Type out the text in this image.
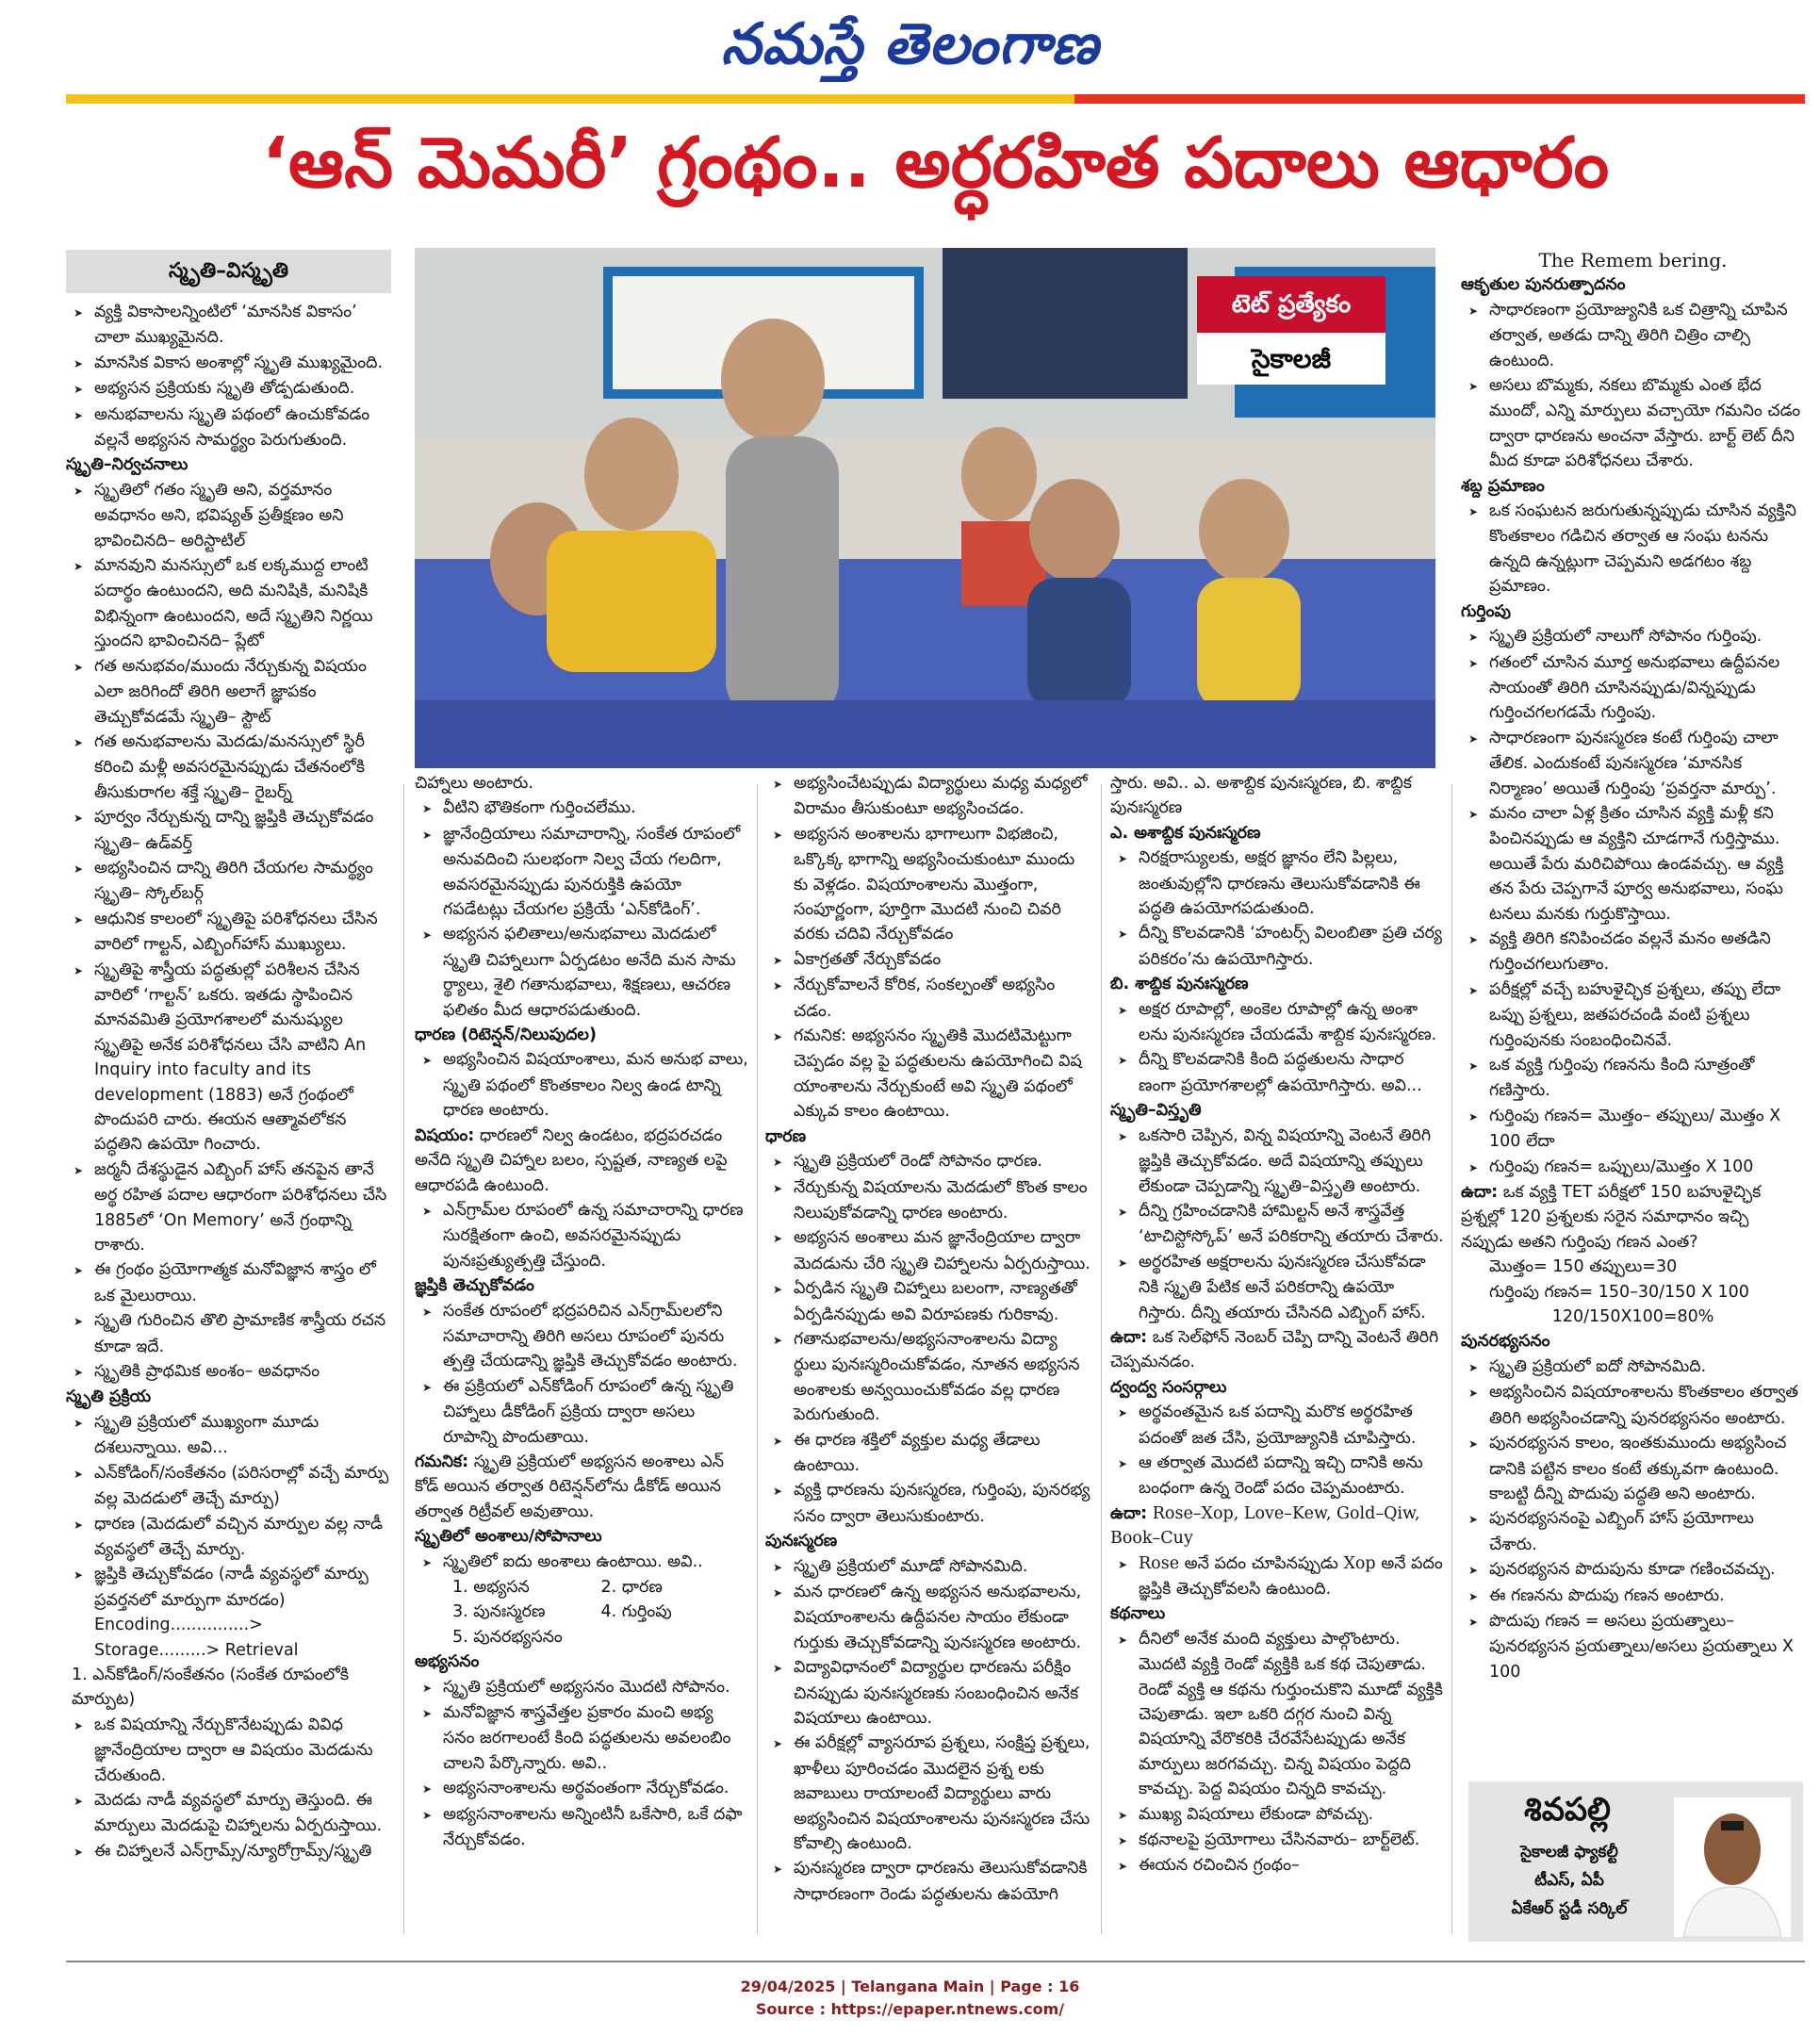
నమస్తే తెలంగాణ
‘ఆన్ మెమరీ’ గ్రంథం.. అర్ధరహిత పదాలు ఆధారం
స్మృతి–విస్మృతి
టెట్ ప్రత్యేకం
సైకాలజీ

➤ వ్యక్తి వికాసాలన్నింటిలో ‘మానసిక వికాసం’ చాలా ముఖ్యమైనది.

➤ మానసిక వికాస అంశాల్లో స్మృతి ముఖ్యమైంది.

➤ అభ్యసన ప్రక్రియకు స్మృతి తోడ్పడుతుంది.

➤ అనుభవాలను స్మృతి పథంలో ఉంచుకోవడం వల్లనే అభ్యసన సామర్థ్యం పెరుగుతుంది.

స్మృతి–నిర్వచనాలు

➤ స్మృతిలో గతం స్మృతి అని, వర్తమానం అవధానం అని, భవిష్యత్ ప్రతీక్షణం అని భావించినది– అరిస్టాటిల్

➤ మానవుని మనస్సులో ఒక లక్కముద్ద లాంటి పదార్థం ఉంటుందని, అది మనిషికి, మనిషికి విభిన్నంగా ఉంటుందని, అదే స్మృతిని నిర్ణయి స్తుందని భావించినది– ప్లేటో

➤ గత అనుభవం/ముందు నేర్చుకున్న విషయం ఎలా జరిగిందో తిరిగి అలాగే జ్ఞాపకం తెచ్చుకోవడమే స్మృతి– స్టౌట్

➤ గత అనుభవాలను మెదడు/మనస్సులో స్థిరీ కరించి మళ్లీ అవసరమైనప్పుడు చేతనంలోకి తీసుకురాగల శక్తే స్మృతి– రైబర్న్

➤ పూర్వం నేర్చుకున్న దాన్ని జ్ఞప్తికి తెచ్చుకోవడం స్మృతి– ఉడ్‌వర్త్

➤ అభ్యసించిన దాన్ని తిరిగి చేయగల సామర్థ్యం స్మృతి– స్కోల్‌బర్గ్

➤ ఆధునిక కాలంలో స్మృతిపై పరిశోధనలు చేసిన వారిలో గాల్టన్, ఎబ్బింగ్‌హాస్ ముఖ్యులు.

➤ స్మృతిపై శాస్త్రీయ పద్ధతుల్లో పరిశీలన చేసిన వారిలో ‘గాల్టన్’ ఒకరు. ఇతడు స్థాపించిన మానవమితి ప్రయోగశాలలో మనుష్యుల స్మృతిపై అనేక పరిశోధనలు చేసి వాటిని An Inquiry into faculty and its development (1883) అనే గ్రంథంలో పొందుపరి చారు. ఈయన ఆత్మావలోకన పద్ధతిని ఉపయో గించారు.

➤ జర్మనీ దేశస్థుడైన ఎబ్బింగ్ హాస్ తనపైన తానే అర్థ రహిత పదాల ఆధారంగా పరిశోధనలు చేసి 1885లో ‘On Memory’ అనే గ్రంథాన్ని రాశారు.

➤ ఈ గ్రంథం ప్రయోగాత్మక మనోవిజ్ఞాన శాస్త్రం లో ఒక మైలురాయి.

➤ స్మృతి గురించిన తొలి ప్రామాణిక శాస్త్రీయ రచన కూడా ఇదే.

➤ స్మృతికి ప్రాథమిక అంశం– అవధానం

స్మృతి ప్రక్రియ

➤ స్మృతి ప్రక్రియలో ముఖ్యంగా మూడు దశలున్నాయి. అవి...

➤ ఎన్‌కోడింగ్/సంకేతనం (పరిసరాల్లో వచ్చే మార్పు వల్ల మెదడులో తెచ్చే మార్పు)

➤ ధారణ (మెదడులో వచ్చిన మార్పుల వల్ల నాడీ వ్యవస్థలో తెచ్చే మార్పు.

➤ జ్ఞప్తికి తెచ్చుకోవడం (నాడీ వ్యవస్థలో మార్పు ప్రవర్తనలో మార్పుగా మారడం)

Encoding...............> Storage.........> Retrieval

1. ఎన్‌కోడింగ్/సంకేతనం (సంకేత రూపంలోకి మార్పుట)

➤ ఒక విషయాన్ని నేర్చుకొనేటప్పుడు వివిధ జ్ఞానేంద్రియాల ద్వారా ఆ విషయం మెదడును చేరుతుంది.

➤ మెదడు నాడీ వ్యవస్థలో మార్పు తెస్తుంది. ఈ మార్పులు మెదడుపై చిహ్నాలను ఏర్పరుస్తాయి.

➤ ఈ చిహ్నాలనే ఎన్‌గ్రామ్స్/న్యూరోగ్రామ్స్/స్మృతి

చిహ్నాలు అంటారు.

➤ వీటిని భౌతికంగా గుర్తించలేము.

➤ జ్ఞానేంద్రియాలు సమాచారాన్ని, సంకేత రూపంలో అనువదించి సులభంగా నిల్వ చేయ గలదిగా, అవసరమైనప్పుడు పునరుక్తికి ఉపయో గపడేటట్లు చేయగల ప్రక్రియే ‘ఎన్‌కోడింగ్’.

➤ అభ్యసన ఫలితాలు/అనుభవాలు మెదడులో స్మృతి చిహ్నాలుగా ఏర్పడటం అనేది మన సామ ర్థ్యాలు, శైలి గతానుభవాలు, శిక్షణలు, ఆచరణ ఫలితం మీద ఆధారపడుతుంది.

ధారణ (రిటెన్షన్/నిలుపుదల)

➤ అభ్యసించిన విషయాంశాలు, మన అనుభ వాలు, స్మృతి పథంలో కొంతకాలం నిల్వ ఉండ టాన్ని ధారణ అంటారు.

విషయం: ధారణలో నిల్వ ఉండటం, భద్రపరచడం అనేది స్మృతి చిహ్నాల బలం, స్పష్టత, నాణ్యత లపై ఆధారపడి ఉంటుంది.

➤ ఎన్‌గ్రామ్‌ల రూపంలో ఉన్న సమాచారాన్ని ధారణ సురక్షితంగా ఉంచి, అవసరమైనప్పుడు పునఃప్రత్యుత్పత్తి చేస్తుంది.

జ్ఞప్తికి తెచ్చుకోవడం

➤ సంకేత రూపంలో భద్రపరిచిన ఎన్‌గ్రామ్‌లలోని సమాచారాన్ని తిరిగి అసలు రూపంలో పునరు త్పత్తి చేయడాన్ని జ్ఞప్తికి తెచ్చుకోవడం అంటారు.

➤ ఈ ప్రక్రియలో ఎన్‌కోడింగ్ రూపంలో ఉన్న స్మృతి చిహ్నాలు డీకోడింగ్ ప్రక్రియ ద్వారా అసలు రూపాన్ని పొందుతాయి.

గమనిక: స్మృతి ప్రక్రియలో అభ్యసన అంశాలు ఎన్ కోడ్ అయిన తర్వాత రిటెన్షన్‌లోను డీకోడ్ అయిన తర్వాత రిట్రీవల్ అవుతాయి.

స్మృతిలో అంశాలు/సోపానాలు

➤ స్మృతిలో ఐదు అంశాలు ఉంటాయి. అవి..

1. అభ్యసన	2. ధారణ
3. పునఃస్మరణ	4. గుర్తింపు
5. పునరభ్యసనం

అభ్యసనం

➤ స్మృతి ప్రక్రియలో అభ్యసనం మొదటి సోపానం.

➤ మనోవిజ్ఞాన శాస్త్రవేత్తల ప్రకారం మంచి అభ్య సనం జరగాలంటే కింది పద్ధతులను అవలంబిం చాలని పేర్కొన్నారు. అవి..

➤ అభ్యసనాంశాలను అర్థవంతంగా నేర్చుకోవడం.

➤ అభ్యసనాంశాలను అన్నింటినీ ఒకేసారి, ఒకే దఫా నేర్చుకోవడం.

➤ అభ్యసించేటప్పుడు విద్యార్థులు మధ్య మధ్యలో విరామం తీసుకుంటూ అభ్యసించడం.

➤ అభ్యసన అంశాలను భాగాలుగా విభజించి, ఒక్కొక్క భాగాన్ని అభ్యసించుకుంటూ ముందు కు వెళ్లడం. విషయాంశాలను మొత్తంగా, సంపూర్ణంగా, పూర్తిగా మొదటి నుంచి చివరి వరకు చదివి నేర్చుకోవడం

➤ ఏకాగ్రతతో నేర్చుకోవడం

➤ నేర్చుకోవాలనే కోరిక, సంకల్పంతో అభ్యసిం చడం.

➤ గమనిక: అభ్యసనం స్మృతికి మొదటిమెట్టుగా చెప్పడం వల్ల పై పద్ధతులను ఉపయోగించి విష యాంశాలను నేర్చుకుంటే అవి స్మృతి పథంలో ఎక్కువ కాలం ఉంటాయి.

ధారణ

➤ స్మృతి ప్రక్రియలో రెండో సోపానం ధారణ.

➤ నేర్చుకున్న విషయాలను మెదడులో కొంత కాలం నిలుపుకోవడాన్ని ధారణ అంటారు.

➤ అభ్యసన అంశాలు మన జ్ఞానేంద్రియాల ద్వారా మెదడును చేరి స్మృతి చిహ్నాలను ఏర్పరుస్తాయి.

➤ ఏర్పడిన స్మృతి చిహ్నాలు బలంగా, నాణ్యతతో ఏర్పడినప్పుడు అవి విరూపణకు గురికావు.

➤ గతానుభవాలను/అభ్యసనాంశాలను విద్యా ర్థులు పునఃస్మరించుకోవడం, నూతన అభ్యసన అంశాలకు అన్వయించుకోవడం వల్ల ధారణ పెరుగుతుంది.

➤ ఈ ధారణ శక్తిలో వ్యక్తుల మధ్య తేడాలు ఉంటాయి.

➤ వ్యక్తి ధారణను పునఃస్మరణ, గుర్తింపు, పునరభ్య సనం ద్వారా తెలుసుకుంటారు.

పునఃస్మరణ

➤ స్మృతి ప్రక్రియలో మూడో సోపానమిది.

➤ మన ధారణలో ఉన్న అభ్యసన అనుభవాలను, విషయాంశాలను ఉద్దీపనల సాయం లేకుండా గుర్తుకు తెచ్చుకోవడాన్ని పునఃస్మరణ అంటారు.

➤ విద్యావిధానంలో విద్యార్థుల ధారణను పరీక్షిం చినప్పుడు పునఃస్మరణకు సంబంధించిన అనేక విషయాలు ఉంటాయి.

➤ ఈ పరీక్షల్లో వ్యాసరూప ప్రశ్నలు, సంక్షిప్త ప్రశ్నలు, ఖాళీలు పూరించడం మొదలైన ప్రశ్న లకు జవాబులు రాయాలంటే విద్యార్థులు వారు అభ్యసించిన విషయాంశాలను పునఃస్మరణ చేసు కోవాల్సి ఉంటుంది.

➤ పునఃస్మరణ ద్వారా ధారణను తెలుసుకోవడానికి సాధారణంగా రెండు పద్ధతులను ఉపయోగి

స్తారు. అవి.. ఎ. అశాబ్దిక పునఃస్మరణ, బి. శాబ్దిక పునఃస్మరణ

ఎ. అశాబ్దిక పునఃస్మరణ

➤ నిరక్షరాస్యులకు, అక్షర జ్ఞానం లేని పిల్లలు, జంతువుల్లోని ధారణను తెలుసుకోవడానికి ఈ పద్ధతి ఉపయోగపడుతుంది.

➤ దీన్ని కొలవడానికి ‘హంటర్స్ విలంబితా ప్రతి చర్య పరికరం’ను ఉపయోగిస్తారు.

బి. శాబ్దిక పునఃస్మరణ

➤ అక్షర రూపాల్లో, అంకెల రూపాల్లో ఉన్న అంశా లను పునఃస్మరణ చేయడమే శాబ్దిక పునఃస్మరణ.

➤ దీన్ని కొలవడానికి కింది పద్ధతులను సాధార ణంగా ప్రయోగశాలల్లో ఉపయోగిస్తారు. అవి...

స్మృతి–విస్తృతి

➤ ఒకసారి చెప్పిన, విన్న విషయాన్ని వెంటనే తిరిగి జ్ఞప్తికి తెచ్చుకోవడం. అదే విషయాన్ని తప్పులు లేకుండా చెప్పడాన్ని స్మృతి–విస్తృతి అంటారు.

➤ దీన్ని గ్రహించడానికి హామిల్టన్ అనే శాస్త్రవేత్త ‘టాచిస్టోస్కోప్’ అనే పరికరాన్ని తయారు చేశారు.

➤ అర్థరహిత అక్షరాలను పునఃస్మరణ చేసుకోవడా నికి స్మృతి పేటిక అనే పరికరాన్ని ఉపయో గిస్తారు. దీన్ని తయారు చేసినది ఎబ్బింగ్ హాస్.

ఉదా: ఒక సెల్‌ఫోన్ నెంబర్ చెప్పి దాన్ని వెంటనే తిరిగి చెప్పమనడం.

ద్వంద్వ సంసర్గాలు

➤ అర్థవంతమైన ఒక పదాన్ని మరొక అర్థరహిత పదంతో జత చేసి, ప్రయోజ్యునికి చూపిస్తారు.

➤ ఆ తర్వాత మొదటి పదాన్ని ఇచ్చి దానికి అను బంధంగా ఉన్న రెండో పదం చెప్పమంటారు.

ఉదా: Rose–Xop, Love–Kew, Gold–Qiw, Book–Cuy

➤ Rose అనే పదం చూపినప్పుడు Xop అనే పదం జ్ఞప్తికి తెచ్చుకోవలసి ఉంటుంది.

కథనాలు

➤ దీనిలో అనేక మంది వ్యక్తులు పాల్గొంటారు. మొదటి వ్యక్తి రెండో వ్యక్తికి ఒక కథ చెపుతాడు. రెండో వ్యక్తి ఆ కథను గుర్తుంచుకొని మూడో వ్యక్తికి చెపుతాడు. ఇలా ఒకరి దగ్గర నుంచి విన్న విషయాన్ని వేరొకరికి చేరవేసేటప్పుడు అనేక మార్పులు జరగవచ్చు. చిన్న విషయం పెద్దది కావచ్చు. పెద్ద విషయం చిన్నది కావచ్చు.

➤ ముఖ్య విషయాలు లేకుండా పోవచ్చు.

➤ కథనాలపై ప్రయోగాలు చేసినవారు– బార్ట్‌లెట్.

➤ ఈయన రచించిన గ్రంథం–

The Remem bering.

ఆకృతుల పునరుత్పాదనం

➤ సాధారణంగా ప్రయోజ్యునికి ఒక చిత్రాన్ని చూపిన తర్వాత, అతడు దాన్ని తిరిగి చిత్రిం చాల్సి ఉంటుంది.

➤ అసలు బొమ్మకు, నకలు బొమ్మకు ఎంత భేద ముందో, ఎన్ని మార్పులు వచ్చాయో గమనిం చడం ద్వారా ధారణను అంచనా వేస్తారు. బార్ట్ లెట్ దీని మీద కూడా పరిశోధనలు చేశారు.

శబ్ద ప్రమాణం

➤ ఒక సంఘటన జరుగుతున్నప్పుడు చూసిన వ్యక్తిని కొంతకాలం గడిచిన తర్వాత ఆ సంఘ టనను ఉన్నది ఉన్నట్లుగా చెప్పమని అడగటం శబ్ద ప్రమాణం.

గుర్తింపు

➤ స్మృతి ప్రక్రియలో నాలుగో సోపానం గుర్తింపు.

➤ గతంలో చూసిన మూర్త అనుభవాలు ఉద్దీపనల సాయంతో తిరిగి చూసినప్పుడు/విన్నప్పుడు గుర్తించగలగడమే గుర్తింపు.

➤ సాధారణంగా పునఃస్మరణ కంటే గుర్తింపు చాలా తేలిక. ఎందుకంటే పునఃస్మరణ ‘మానసిక నిర్మాణం’ అయితే గుర్తింపు ‘ప్రవర్తనా మార్పు’.

➤ మనం చాలా ఏళ్ల క్రితం చూసిన వ్యక్తి మళ్లీ కని పించినప్పుడు ఆ వ్యక్తిని చూడగానే గుర్తిస్తాము. అయితే పేరు మరిచిపోయి ఉండవచ్చు. ఆ వ్యక్తి తన పేరు చెప్పగానే పూర్వ అనుభవాలు, సంఘ టనలు మనకు గుర్తుకొస్తాయి.

➤ వ్యక్తి తిరిగి కనిపించడం వల్లనే మనం అతడిని గుర్తించగలుగుతాం.

➤ పరీక్షల్లో వచ్చే బహుళైచ్ఛిక ప్రశ్నలు, తప్పు లేదా ఒప్పు ప్రశ్నలు, జతపరచండి వంటి ప్రశ్నలు గుర్తింపునకు సంబంధించినవే.

➤ ఒక వ్యక్తి గుర్తింపు గణనను కింది సూత్రంతో గణిస్తారు.

➤ గుర్తింపు గణన= మొత్తం– తప్పులు/ మొత్తం X 100 లేదా

➤ గుర్తింపు గణన= ఒప్పులు/మొత్తం X 100

ఉదా: ఒక వ్యక్తి TET పరీక్షలో 150 బహుళైచ్ఛిక ప్రశ్నల్లో 120 ప్రశ్నలకు సరైన సమాధానం ఇచ్చి నప్పుడు అతని గుర్తింపు గణన ఎంత?

మొత్తం= 150 తప్పులు=30

గుర్తింపు గణన= 150–30/150 X 100

120/150X100=80%

పునరభ్యసనం

➤ స్మృతి ప్రక్రియలో ఐదో సోపానమిది.

➤ అభ్యసించిన విషయాంశాలను కొంతకాలం తర్వాత తిరిగి అభ్యసించడాన్ని పునరభ్యసనం అంటారు.

➤ పునరభ్యసన కాలం, ఇంతకుముందు అభ్యసించ డానికి పట్టిన కాలం కంటే తక్కువగా ఉంటుంది. కాబట్టి దీన్ని పొదుపు పద్ధతి అని అంటారు.

➤ పునరభ్యసనంపై ఎబ్బింగ్ హాస్ ప్రయోగాలు చేశారు.

➤ పునరభ్యసన పొదుపును కూడా గణించవచ్చు.

➤ ఈ గణనను పొదుపు గణన అంటారు.

➤ పొదుపు గణన = అసలు ప్రయత్నాలు– పునరభ్యసన ప్రయత్నాలు/అసలు ప్రయత్నాలు X 100

శివపల్లి
సైకాలజీ ఫ్యాకల్టీ
టీఎస్, ఏపీ
ఏకేఆర్ స్టడీ సర్కిల్
29/04/2025 | Telangana Main | Page : 16
Source : https://epaper.ntnews.com/
